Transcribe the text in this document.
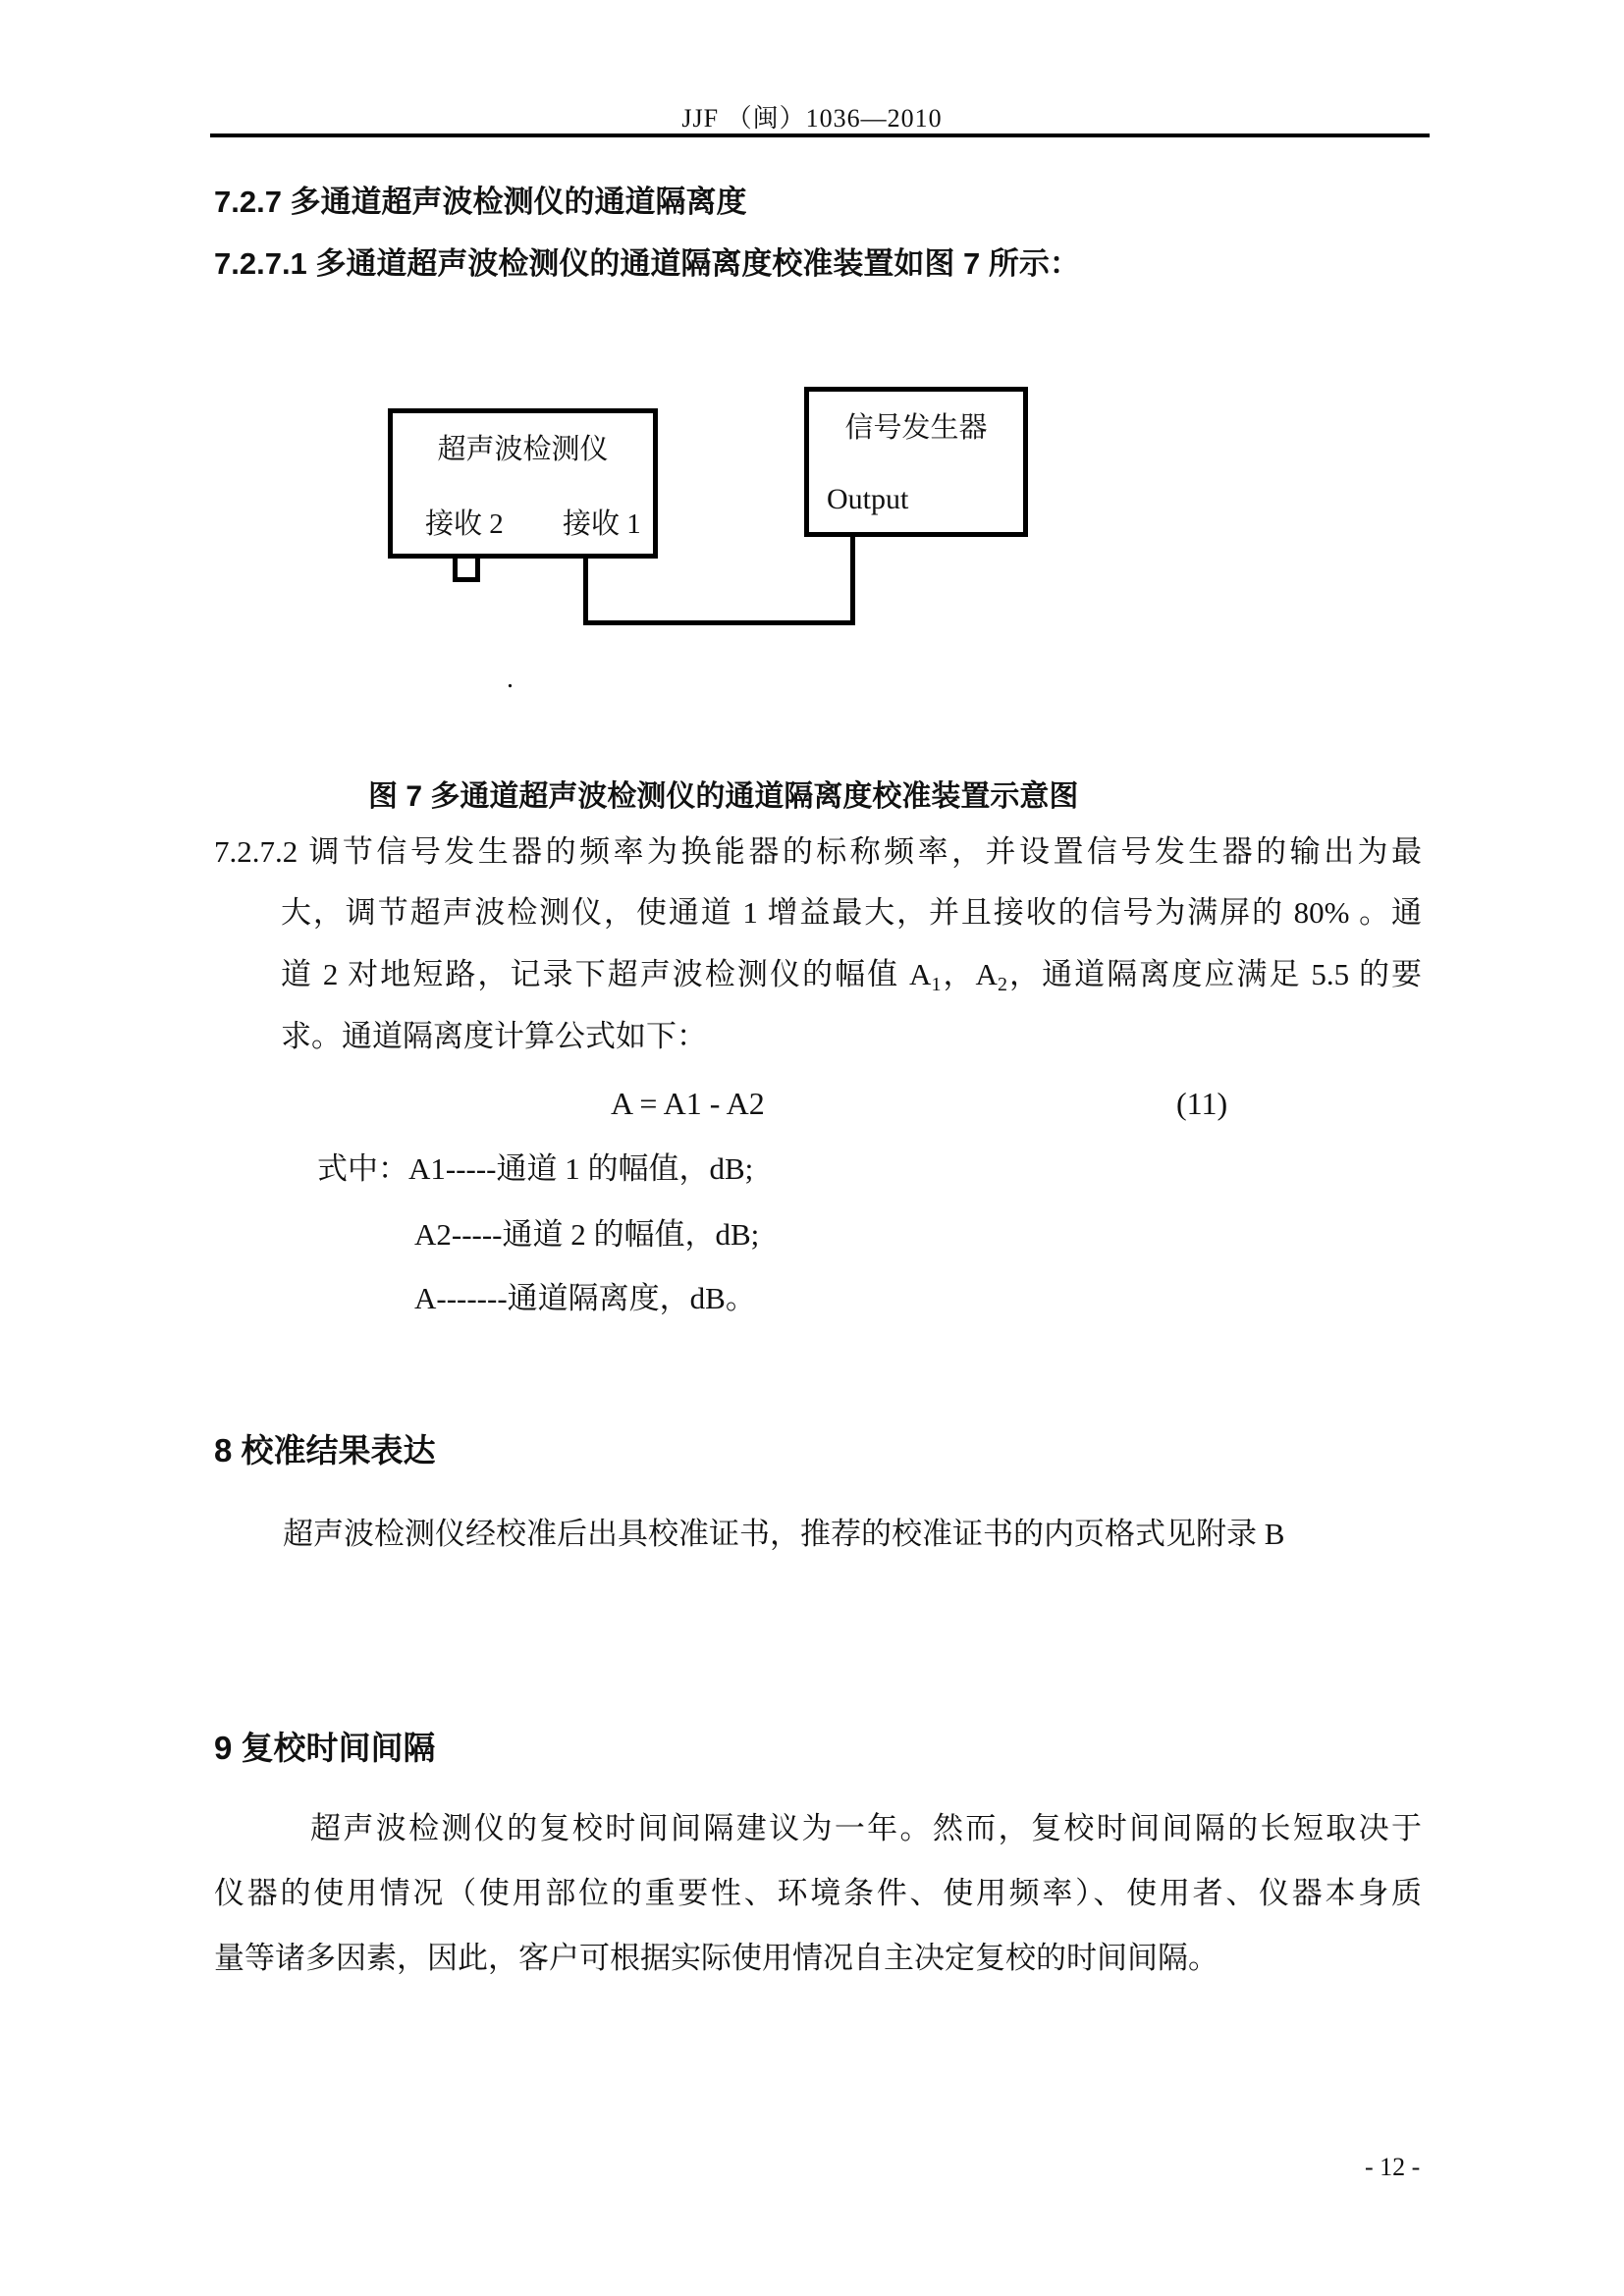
JJF （闽）1036—2010
7.2.7 多通道超声波检测仪的通道隔离度
7.2.7.1 多通道超声波检测仪的通道隔离度校准装置如图 7 所示：
超声波检测仪
接收 2 接收 1
信号发生器
Output
.
图 7 多通道超声波检测仪的通道隔离度校准装置示意图
7.2.7.2 调节信号发生器的频率为换能器的标称频率，并设置信号发生器的输出为最
大，调节超声波检测仪，使通道 1 增益最大，并且接收的信号为满屏的 80% 。通
道 2 对地短路，记录下超声波检测仪的幅值 $A_1$，$A_2$，通道隔离度应满足 5.5 的要
求。通道隔离度计算公式如下：
A = A1 - A2	(11)
式中：A1-----通道 1 的幅值，dB;
A2-----通道 2 的幅值，dB;
A-------通道隔离度，dB。
8 校准结果表达
超声波检测仪经校准后出具校准证书，推荐的校准证书的内页格式见附录 B
9 复校时间间隔
超声波检测仪的复校时间间隔建议为一年。然而，复校时间间隔的长短取决于
仪器的使用情况（使用部位的重要性、环境条件、使用频率）、使用者、仪器本身质
量等诸多因素，因此，客户可根据实际使用情况自主决定复校的时间间隔。
- 12 -
